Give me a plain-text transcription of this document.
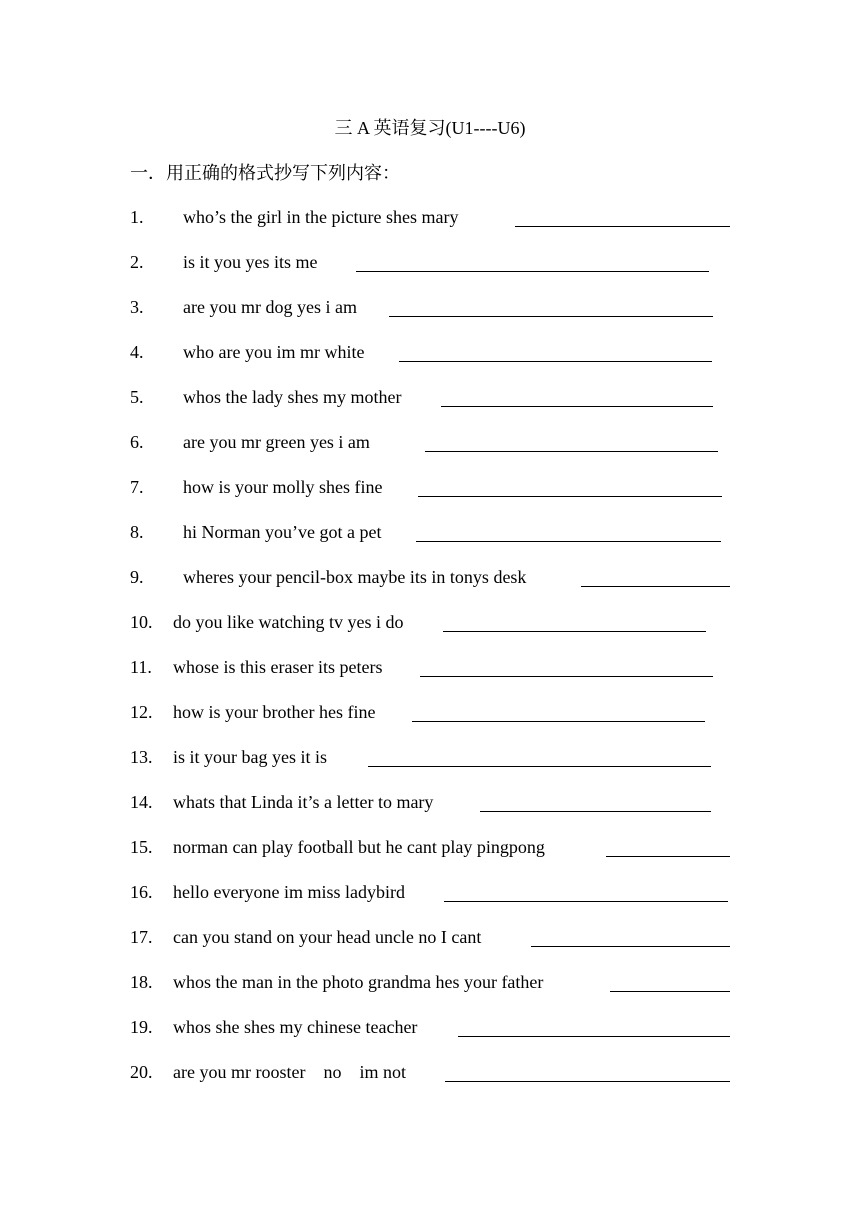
三 A 英语复习(U1----U6)
一．用正确的格式抄写下列内容：
1. who’s the girl in the picture shes mary
2. is it you yes its me
3. are you mr dog yes i am
4. who are you im mr white
5. whos the lady shes my mother
6. are you mr green yes i am
7. how is your molly shes fine
8. hi Norman you’ve got a pet
9. wheres your pencil-box maybe its in tonys desk
10. do you like watching tv yes i do
11. whose is this eraser its peters
12. how is your brother hes fine
13. is it your bag yes it is
14. whats that Linda it’s a letter to mary
15. norman can play football but he cant play pingpong
16. hello everyone im miss ladybird
17. can you stand on your head uncle no I cant
18. whos the man in the photo grandma hes your father
19. whos she shes my chinese teacher
20. are you mr rooster    no    im not
